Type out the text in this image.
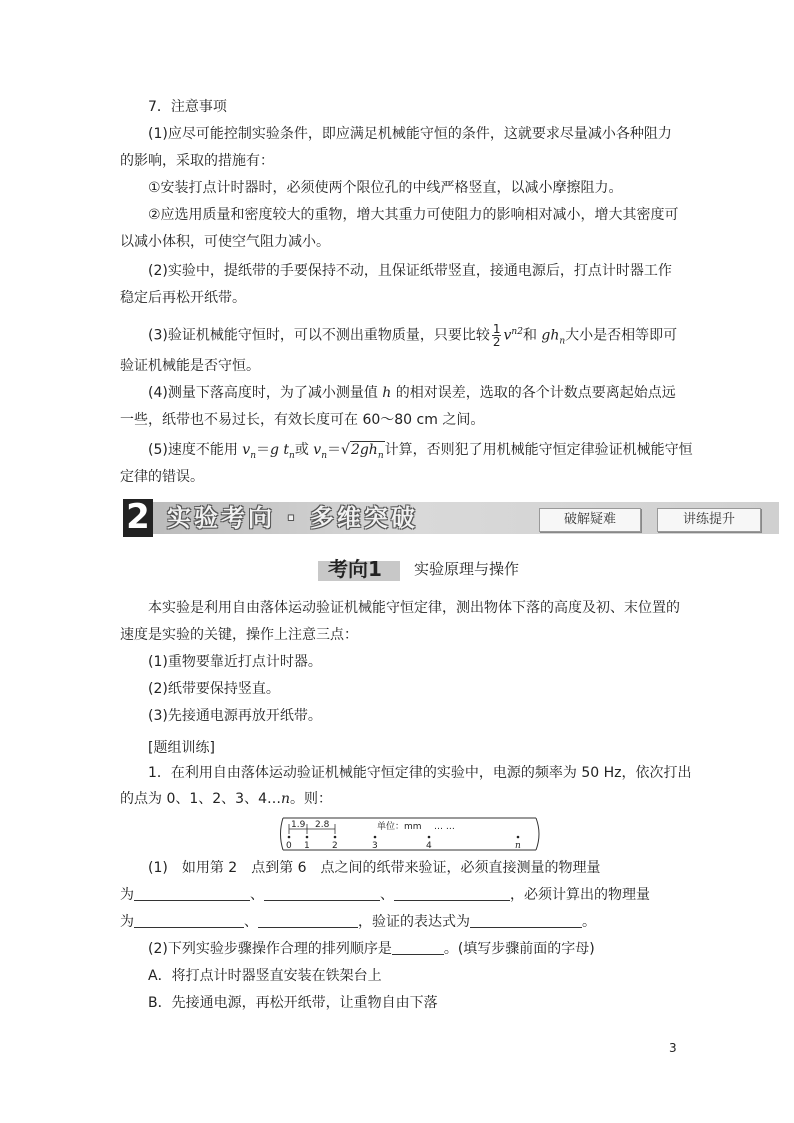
7．注意事项
(1)应尽可能控制实验条件，即应满足机械能守恒的条件，这就要求尽量减小各种阻力
的影响，采取的措施有：
①安装打点计时器时，必须使两个限位孔的中线严格竖直，以减小摩擦阻力。
②应选用质量和密度较大的重物，增大其重力可使阻力的影响相对减小，增大其密度可
以减小体积，可使空气阻力减小。
(2)实验中，提纸带的手要保持不动，且保证纸带竖直，接通电源后，打点计时器工作
稳定后再松开纸带。
(3)验证机械能守恒时，可以不测出重物质量，只要比较 $\frac{1}{2} v^{n2}$和 $gh_n$大小是否相等即可
验证机械能是否守恒。
(4)测量下落高度时，为了减小测量值 h 的相对误差，选取的各个计数点要离起始点远
一些，纸带也不易过长，有效长度可在 60～80 cm 之间。
(5)速度不能用 $v_n=g$ $t_n$或 $v_n=√2gh_n$计算，否则犯了用机械能守恒定律验证机械能守恒
定律的错误。
2 实验考向 · 多维突破	破解疑难	讲练提升
考向1 实验原理与操作
本实验是利用自由落体运动验证机械能守恒定律，测出物体下落的高度及初、末位置的
速度是实验的关键，操作上注意三点：
(1)重物要靠近打点计时器。
(2)纸带要保持竖直。
(3)先接通电源再放开纸带。
[题组训练]
1．在利用自由落体运动验证机械能守恒定律的实验中，电源的频率为 50 Hz，依次打出
的点为 0、1、2、3、4…n。则：
1.9 2.8	单位：mm … …
0 1 2	3	4	n
(1)　如用第 2　点到第 6　点之间的纸带来验证，必须直接测量的物理量
为	、	、	，必须计算出的物理量
为	、	，验证的表达式为	。
(2)下列实验步骤操作合理的排列顺序是	。(填写步骤前面的字母)
A．将打点计时器竖直安装在铁架台上
B．先接通电源，再松开纸带，让重物自由下落
3
